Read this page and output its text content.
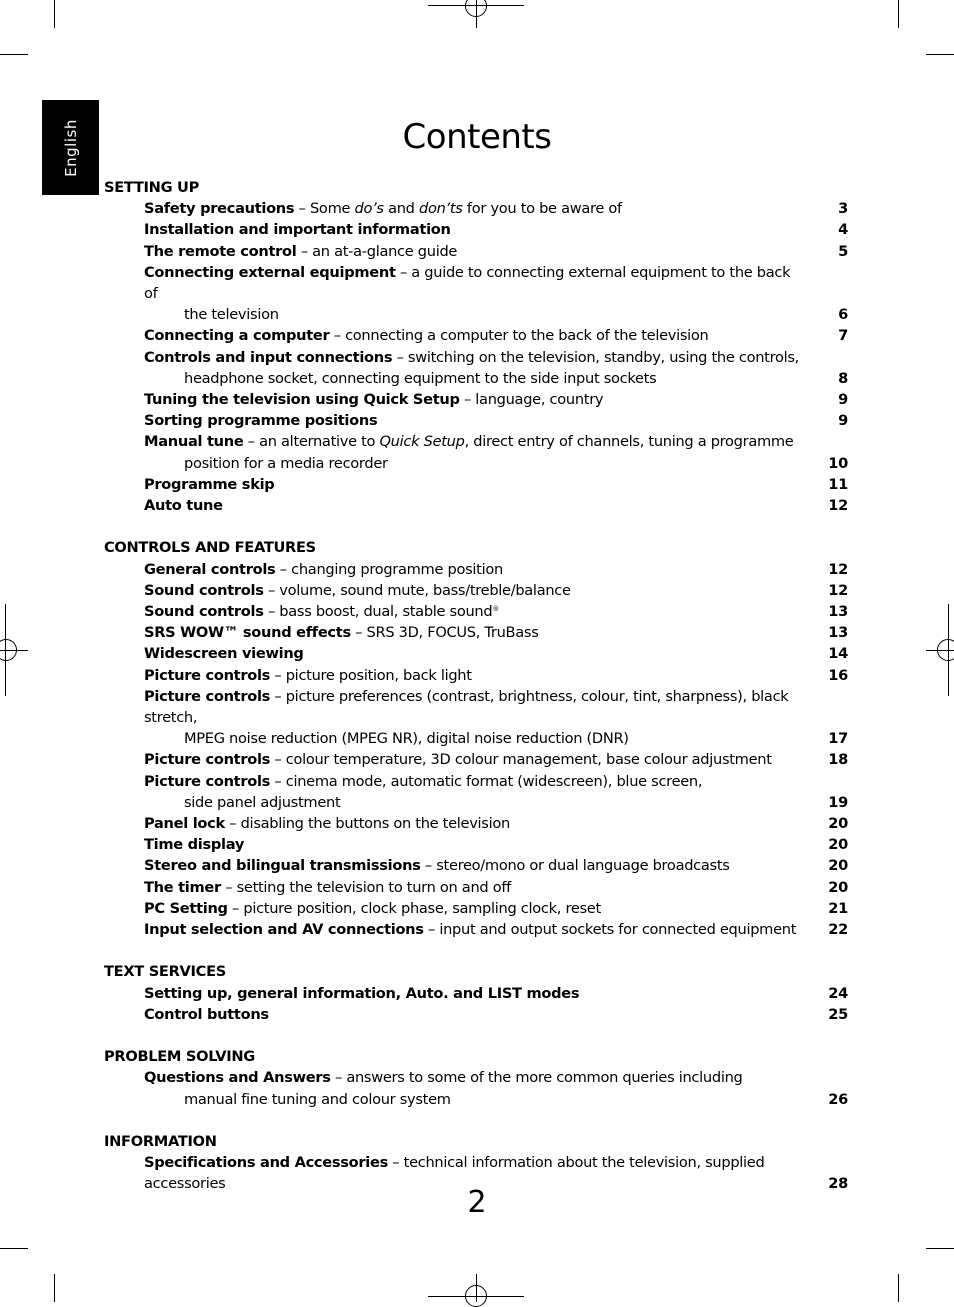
English	Contents
SETTING UP
Safety precautions – Some do’s and don’ts for you to be aware of	3
Installation and important information	4
The remote control – an at-a-glance guide	5
Connecting external equipment – a guide to connecting external equipment to the back of
the television	6
Connecting a computer – connecting a computer to the back of the television	7
Controls and input connections – switching on the television, standby, using the controls,
headphone socket, connecting equipment to the side input sockets	8
Tuning the television using Quick Setup – language, country	9
Sorting programme positions	9
Manual tune – an alternative to Quick Setup, direct entry of channels, tuning a programme
position for a media recorder	10
Programme skip	11
Auto tune	12
CONTROLS AND FEATURES
General controls – changing programme position	12
Sound controls – volume, sound mute, bass/treble/balance	12
Sound controls – bass boost, dual, stable sound®	13
SRS WOW™ sound effects – SRS 3D, FOCUS, TruBass	13
Widescreen viewing	14
Picture controls – picture position, back light	16
Picture controls – picture preferences (contrast, brightness, colour, tint, sharpness), black stretch,
MPEG noise reduction (MPEG NR), digital noise reduction (DNR)	17
Picture controls – colour temperature, 3D colour management, base colour adjustment	18
Picture controls – cinema mode, automatic format (widescreen), blue screen,
side panel adjustment	19
Panel lock – disabling the buttons on the television	20
Time display	20
Stereo and bilingual transmissions – stereo/mono or dual language broadcasts	20
The timer – setting the television to turn on and off	20
PC Setting – picture position, clock phase, sampling clock, reset	21
Input selection and AV connections – input and output sockets for connected equipment	22
TEXT SERVICES
Setting up, general information, Auto. and LIST modes	24
Control buttons	25
PROBLEM SOLVING
Questions and Answers – answers to some of the more common queries including
manual fine tuning and colour system	26
INFORMATION
Specifications and Accessories – technical information about the television, supplied accessories	28
2
